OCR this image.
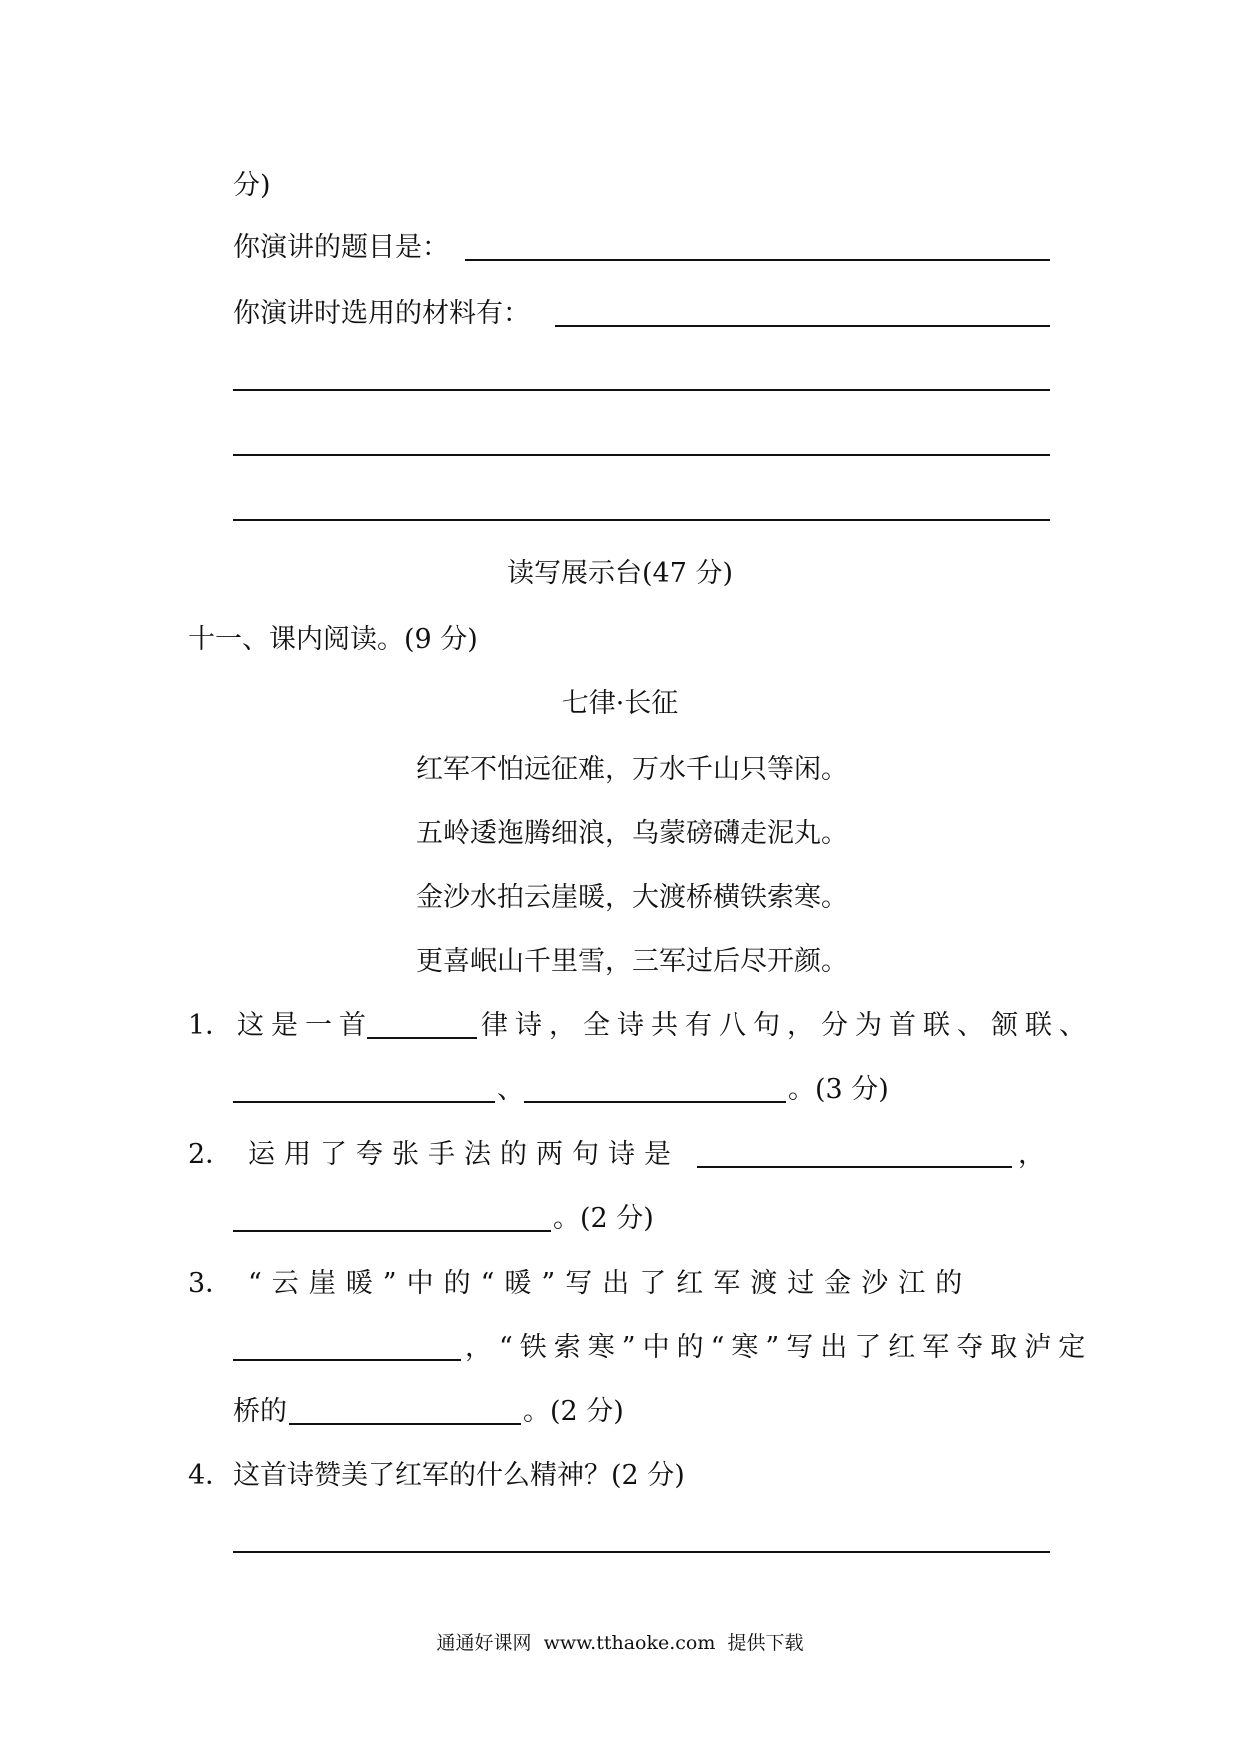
分)
你演讲的题目是：
你演讲时选用的材料有：
读写展示台(47 分)
十一、课内阅读。(9 分)
七律·长征
红军不怕远征难，万水千山只等闲。
五岭逶迤腾细浪，乌蒙磅礴走泥丸。
金沙水拍云崖暖，大渡桥横铁索寒。
更喜岷山千里雪，三军过后尽开颜。
1． 这是一首	律诗，全诗共有八句，分为首联、颔联、
、	。(3 分)
2． 运用了夸张手法的两句诗是	，
。(2 分)
3． “云崖暖”中的“暖”写出了红军渡过金沙江的
，“铁索寒”中的“寒”写出了红军夺取泸定
桥的	。(2 分)
4． 这首诗赞美了红军的什么精神？(2 分)
通通好课网 www.tthaoke.com 提供下载
